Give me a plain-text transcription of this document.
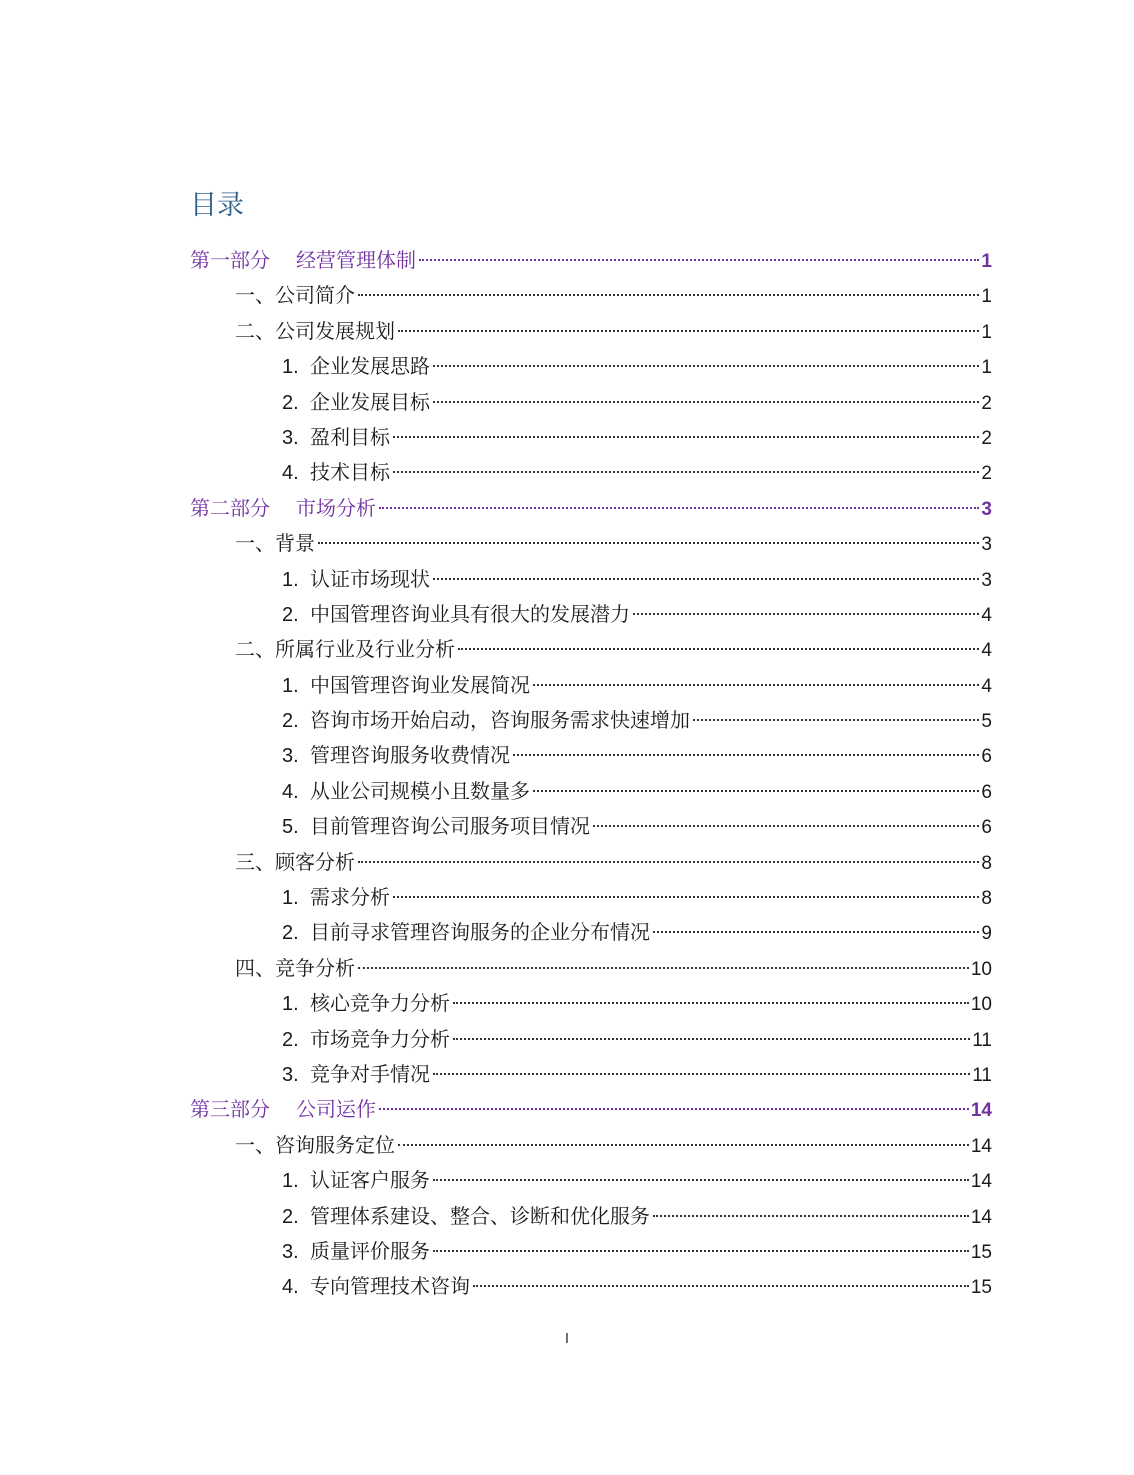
目录
第一部分 经营管理体制	1
一、公司简介	1
二、公司发展规划	1
1. 企业发展思路	1
2. 企业发展目标	2
3. 盈利目标	2
4. 技术目标	2
第二部分 市场分析	3
一、背景	3
1. 认证市场现状	3
2. 中国管理咨询业具有很大的发展潜力	4
二、所属行业及行业分析	4
1. 中国管理咨询业发展简况	4
2. 咨询市场开始启动，咨询服务需求快速增加	5
3. 管理咨询服务收费情况	6
4. 从业公司规模小且数量多	6
5. 目前管理咨询公司服务项目情况	6
三、顾客分析	8
1. 需求分析	8
2. 目前寻求管理咨询服务的企业分布情况	9
四、竞争分析	10
1. 核心竞争力分析	10
2. 市场竞争力分析	11
3. 竞争对手情况	11
第三部分 公司运作	14
一、咨询服务定位	14
1. 认证客户服务	14
2. 管理体系建设、整合、诊断和优化服务	14
3. 质量评价服务	15
4. 专向管理技术咨询	15
I
